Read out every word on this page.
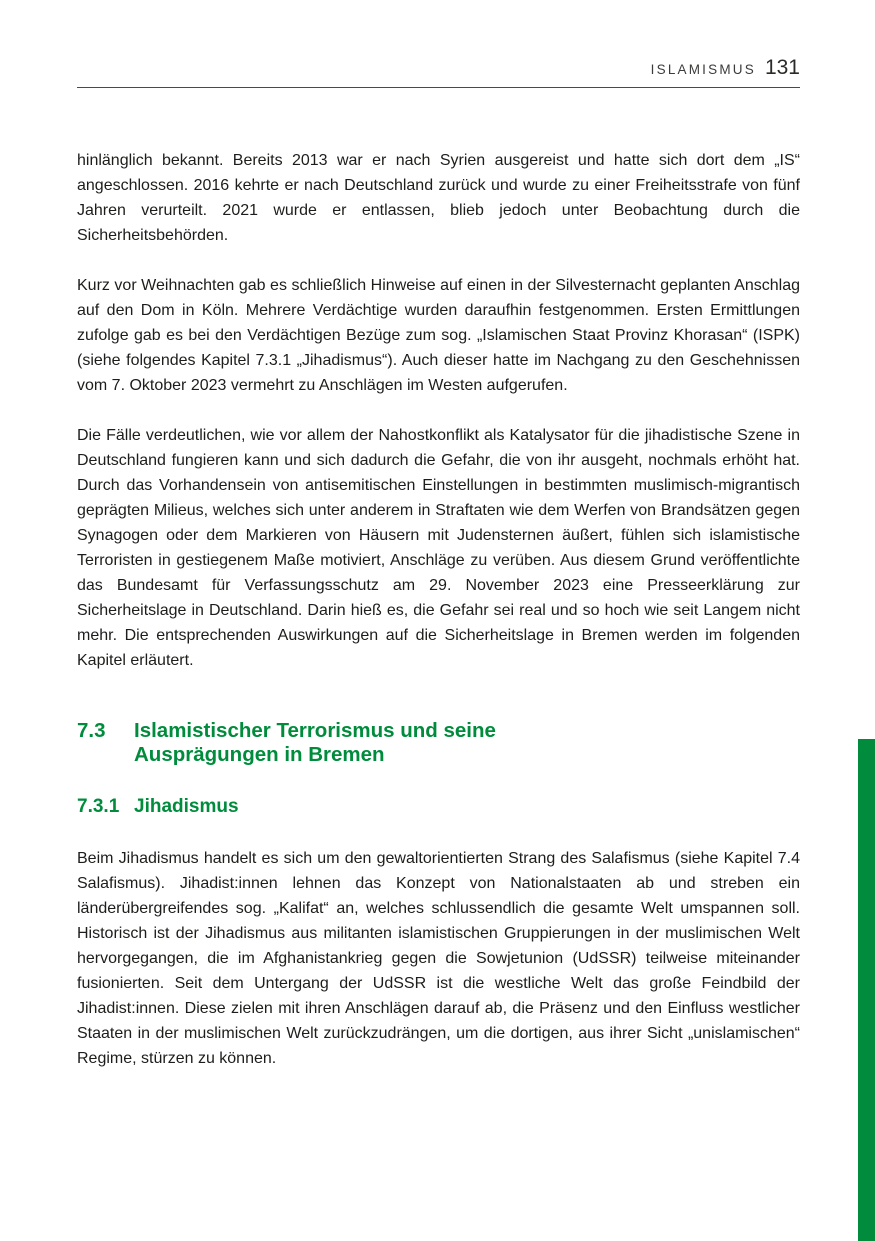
ISLAMISMUS 131

hinlänglich bekannt. Bereits 2013 war er nach Syrien ausgereist und hatte sich dort dem „IS“ angeschlossen. 2016 kehrte er nach Deutschland zurück und wurde zu einer Freiheitsstrafe von fünf Jahren verurteilt. 2021 wurde er entlassen, blieb jedoch unter Beobachtung durch die Sicherheitsbehörden.

Kurz vor Weihnachten gab es schließlich Hinweise auf einen in der Silvesternacht geplanten Anschlag auf den Dom in Köln. Mehrere Verdächtige wurden daraufhin festgenommen. Ersten Ermittlungen zufolge gab es bei den Verdächtigen Bezüge zum sog. „Islamischen Staat Provinz Khorasan“ (ISPK) (siehe folgendes Kapitel 7.3.1 „Jihadismus“). Auch dieser hatte im Nachgang zu den Geschehnissen vom 7. Oktober 2023 vermehrt zu Anschlägen im Westen aufgerufen.

Die Fälle verdeutlichen, wie vor allem der Nahostkonflikt als Katalysator für die jihadistische Szene in Deutschland fungieren kann und sich dadurch die Gefahr, die von ihr ausgeht, nochmals erhöht hat. Durch das Vorhandensein von antisemitischen Einstellungen in bestimmten muslimisch-migrantisch geprägten Milieus, welches sich unter anderem in Straftaten wie dem Werfen von Brandsätzen gegen Synagogen oder dem Markieren von Häusern mit Judensternen äußert, fühlen sich islamistische Terroristen in gestiegenem Maße motiviert, Anschläge zu verüben. Aus diesem Grund veröffentlichte das Bundesamt für Verfassungsschutz am 29. November 2023 eine Presseerklärung zur Sicherheitslage in Deutschland. Darin hieß es, die Gefahr sei real und so hoch wie seit Langem nicht mehr. Die entsprechenden Auswirkungen auf die Sicherheitslage in Bremen werden im folgenden Kapitel erläutert.

7.3	Islamistischer Terrorismus und seine
Ausprägungen in Bremen
7.3.1 Jihadismus

Beim Jihadismus handelt es sich um den gewaltorientierten Strang des Salafismus (siehe Kapitel 7.4 Salafismus). Jihadist:innen lehnen das Konzept von Nationalstaaten ab und streben ein länderübergreifendes sog. „Kalifat“ an, welches schlussendlich die gesamte Welt umspannen soll. Historisch ist der Jihadismus aus militanten islamistischen Gruppierungen in der muslimischen Welt hervorgegangen, die im Afghanistankrieg gegen die Sowjetunion (UdSSR) teilweise miteinander fusionierten. Seit dem Untergang der UdSSR ist die westliche Welt das große Feindbild der Jihadist:innen. Diese zielen mit ihren Anschlägen darauf ab, die Präsenz und den Einfluss westlicher Staaten in der muslimischen Welt zurückzudrängen, um die dortigen, aus ihrer Sicht „unislamischen“ Regime, stürzen zu können.
